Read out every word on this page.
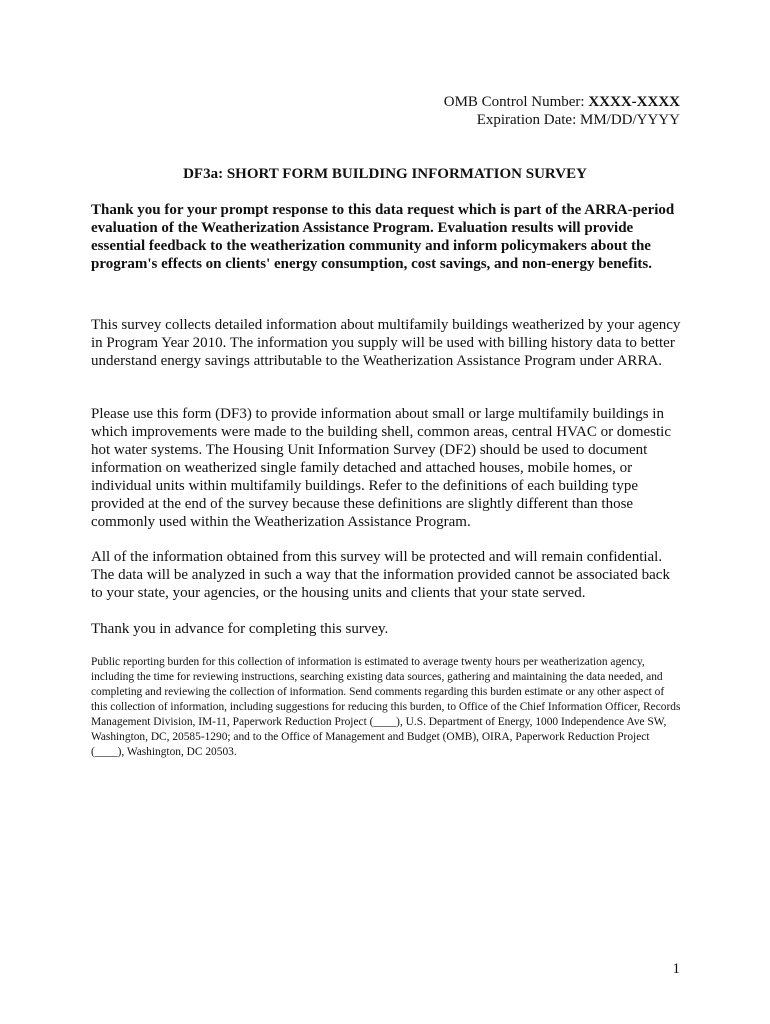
OMB Control Number: XXXX-XXXX
Expiration Date: MM/DD/YYYY
DF3a: SHORT FORM BUILDING INFORMATION SURVEY

Thank you for your prompt response to this data request which is part of the ARRA-period evaluation of the Weatherization Assistance Program. Evaluation results will provide essential feedback to the weatherization community and inform policymakers about the program's effects on clients' energy consumption, cost savings, and non-energy benefits.

This survey collects detailed information about multifamily buildings weatherized by your agency in Program Year 2010. The information you supply will be used with billing history data to better understand energy savings attributable to the Weatherization Assistance Program under ARRA.

Please use this form (DF3) to provide information about small or large multifamily buildings in which improvements were made to the building shell, common areas, central HVAC or domestic hot water systems. The Housing Unit Information Survey (DF2) should be used to document information on weatherized single family detached and attached houses, mobile homes, or individual units within multifamily buildings. Refer to the definitions of each building type provided at the end of the survey because these definitions are slightly different than those commonly used within the Weatherization Assistance Program.

All of the information obtained from this survey will be protected and will remain confidential. The data will be analyzed in such a way that the information provided cannot be associated back to your state, your agencies, or the housing units and clients that your state served.

Thank you in advance for completing this survey.

Public reporting burden for this collection of information is estimated to average twenty hours per weatherization agency, including the time for reviewing instructions, searching existing data sources, gathering and maintaining the data needed, and completing and reviewing the collection of information. Send comments regarding this burden estimate or any other aspect of this collection of information, including suggestions for reducing this burden, to Office of the Chief Information Officer, Records Management Division, IM-11, Paperwork Reduction Project (____), U.S. Department of Energy, 1000 Independence Ave SW, Washington, DC, 20585-1290; and to the Office of Management and Budget (OMB), OIRA, Paperwork Reduction Project (____), Washington, DC 20503.

1
